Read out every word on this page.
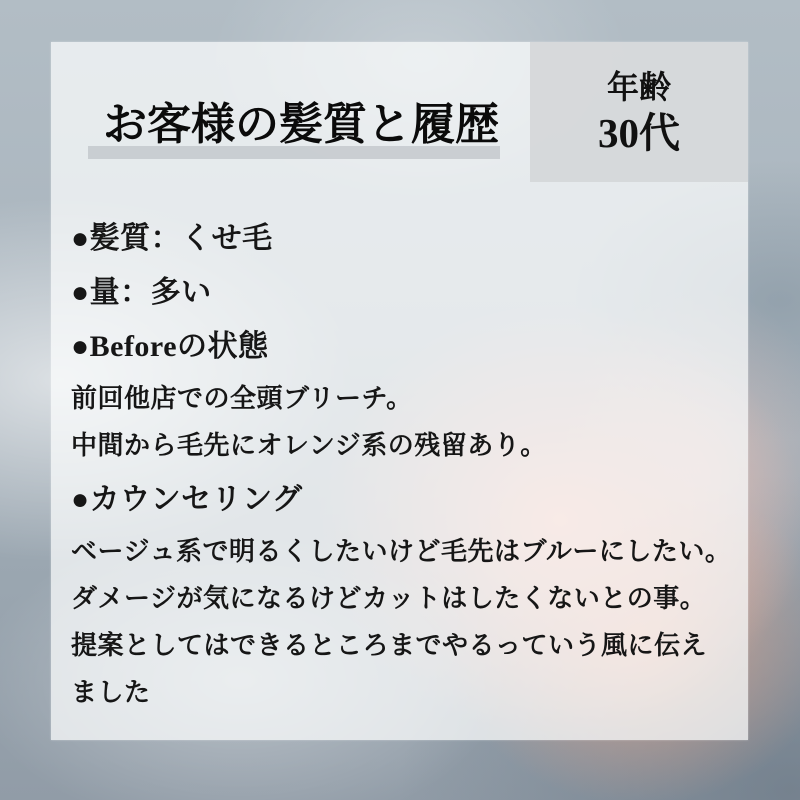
年齢
30代
お客様の髪質と履歴
●髪質：くせ毛
●量：多い
●Beforeの状態
前回他店での全頭ブリーチ。
中間から毛先にオレンジ系の残留あり。
●カウンセリング
ベージュ系で明るくしたいけど毛先はブルーにしたい。
ダメージが気になるけどカットはしたくないとの事。
提案としてはできるところまでやるっていう風に伝えました
